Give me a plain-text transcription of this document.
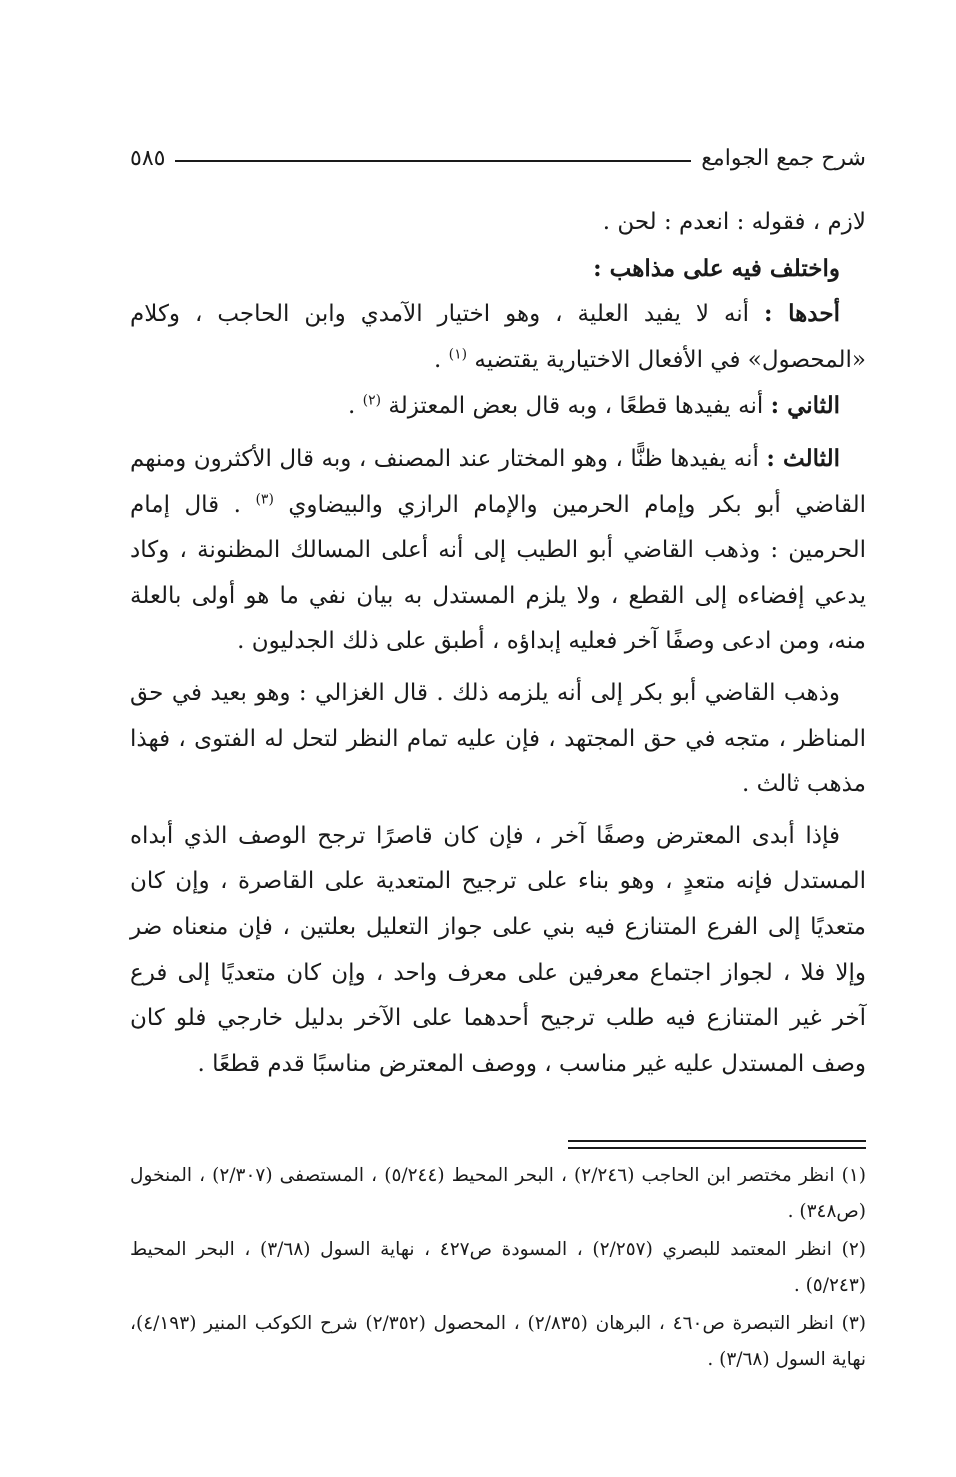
شرح جمع الجوامع
٥٨٥

لازم ، فقوله : انعدم : لحن .

واختلف فيه على مذاهب :

أحدها : أنه لا يفيد العلية ، وهو اختيار الآمدي وابن الحاجب ، وكلام «المحصول» في الأفعال الاختيارية يقتضيه $^{(١)}$ .

الثاني : أنه يفيدها قطعًا ، وبه قال بعض المعتزلة $^{(٢)}$ .

الثالث : أنه يفيدها ظنًّا ، وهو المختار عند المصنف ، وبه قال الأكثرون ومنهم القاضي أبو بكر وإمام الحرمين والإمام الرازي والبيضاوي $^{(٣)}$ . قال إمام الحرمين : وذهب القاضي أبو الطيب إلى أنه أعلى المسالك المظنونة ، وكاد يدعي إفضاءه إلى القطع ، ولا يلزم المستدل به بيان نفي ما هو أولى بالعلة منه، ومن ادعى وصفًا آخر فعليه إبداؤه ، أطبق على ذلك الجدليون .

وذهب القاضي أبو بكر إلى أنه يلزمه ذلك . قال الغزالي : وهو بعيد في حق المناظر ، متجه في حق المجتهد ، فإن عليه تمام النظر لتحل له الفتوى ، فهذا مذهب ثالث .

فإذا أبدى المعترض وصفًا آخر ، فإن كان قاصرًا ترجح الوصف الذي أبداه المستدل فإنه متعدٍ ، وهو بناء على ترجيح المتعدية على القاصرة ، وإن كان متعديًا إلى الفرع المتنازع فيه بني على جواز التعليل بعلتين ، فإن منعناه ضر وإلا فلا ، لجواز اجتماع معرفين على معرف واحد ، وإن كان متعديًا إلى فرع آخر غير المتنازع فيه طلب ترجيح أحدهما على الآخر بدليل خارجي فلو كان وصف المستدل عليه غير مناسب ، ووصف المعترض مناسبًا قدم قطعًا .

(١) انظر مختصر ابن الحاجب (٢/٢٤٦) ، البحر المحيط (٥/٢٤٤) ، المستصفى (٢/٣٠٧) ، المنخول (ص٣٤٨) .

(٢) انظر المعتمد للبصري (٢/٢٥٧) ، المسودة ص٤٢٧ ، نهاية السول (٣/٦٨) ، البحر المحيط (٥/٢٤٣) .

(٣) انظر التبصرة ص٤٦٠ ، البرهان (٢/٨٣٥) ، المحصول (٢/٣٥٢) شرح الكوكب المنير (٤/١٩٣)، نهاية السول (٣/٦٨) .
